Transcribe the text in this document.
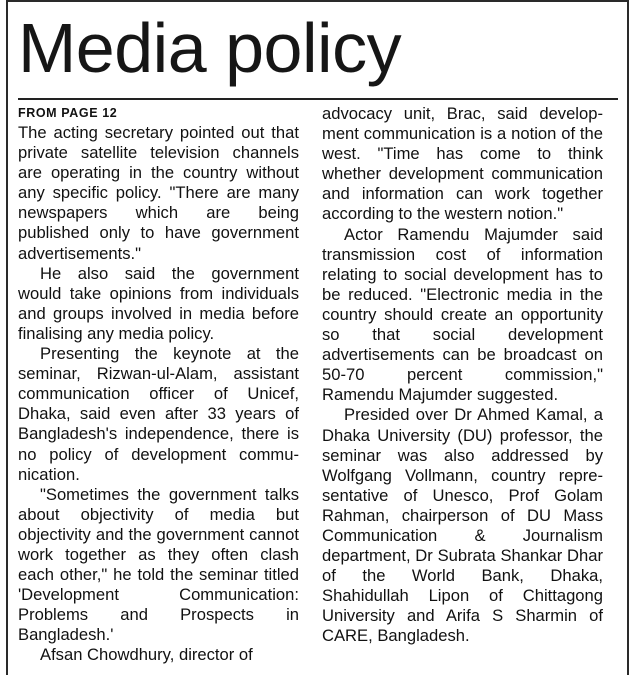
Media policy
FROM PAGE 12

The acting secretary pointed out that private satellite television channels are operating in the country without any specific policy. "There are many newspapers which are being published only to have government advertisements."

He also said the government would take opinions from individuals and groups involved in media before finalising any media policy.

Presenting the keynote at the seminar, Rizwan-ul-Alam, assistant communication officer of Unicef, Dhaka, said even after 33 years of Bangladesh's independence, there is no policy of development communication.

"Sometimes the government talks about objectivity of media but objectivity and the government cannot work together as they often clash each other," he told the seminar titled 'Development Communication: Problems and Prospects in Bangladesh.'

Afsan Chowdhury, director of

advocacy unit, Brac, said development communication is a notion of the west. "Time has come to think whether development communication and information can work together according to the western notion."

Actor Ramendu Majumder said transmission cost of information relating to social development has to be reduced. "Electronic media in the country should create an opportunity so that social development advertisements can be broadcast on 50-70 percent commission," Ramendu Majumder suggested.

Presided over Dr Ahmed Kamal, a Dhaka University (DU) professor, the seminar was also addressed by Wolfgang Vollmann, country representative of Unesco, Prof Golam Rahman, chairperson of DU Mass Communication & Journalism department, Dr Subrata Shankar Dhar of the World Bank, Dhaka, Shahidullah Lipon of Chittagong University and Arifa S Sharmin of CARE, Bangladesh.
